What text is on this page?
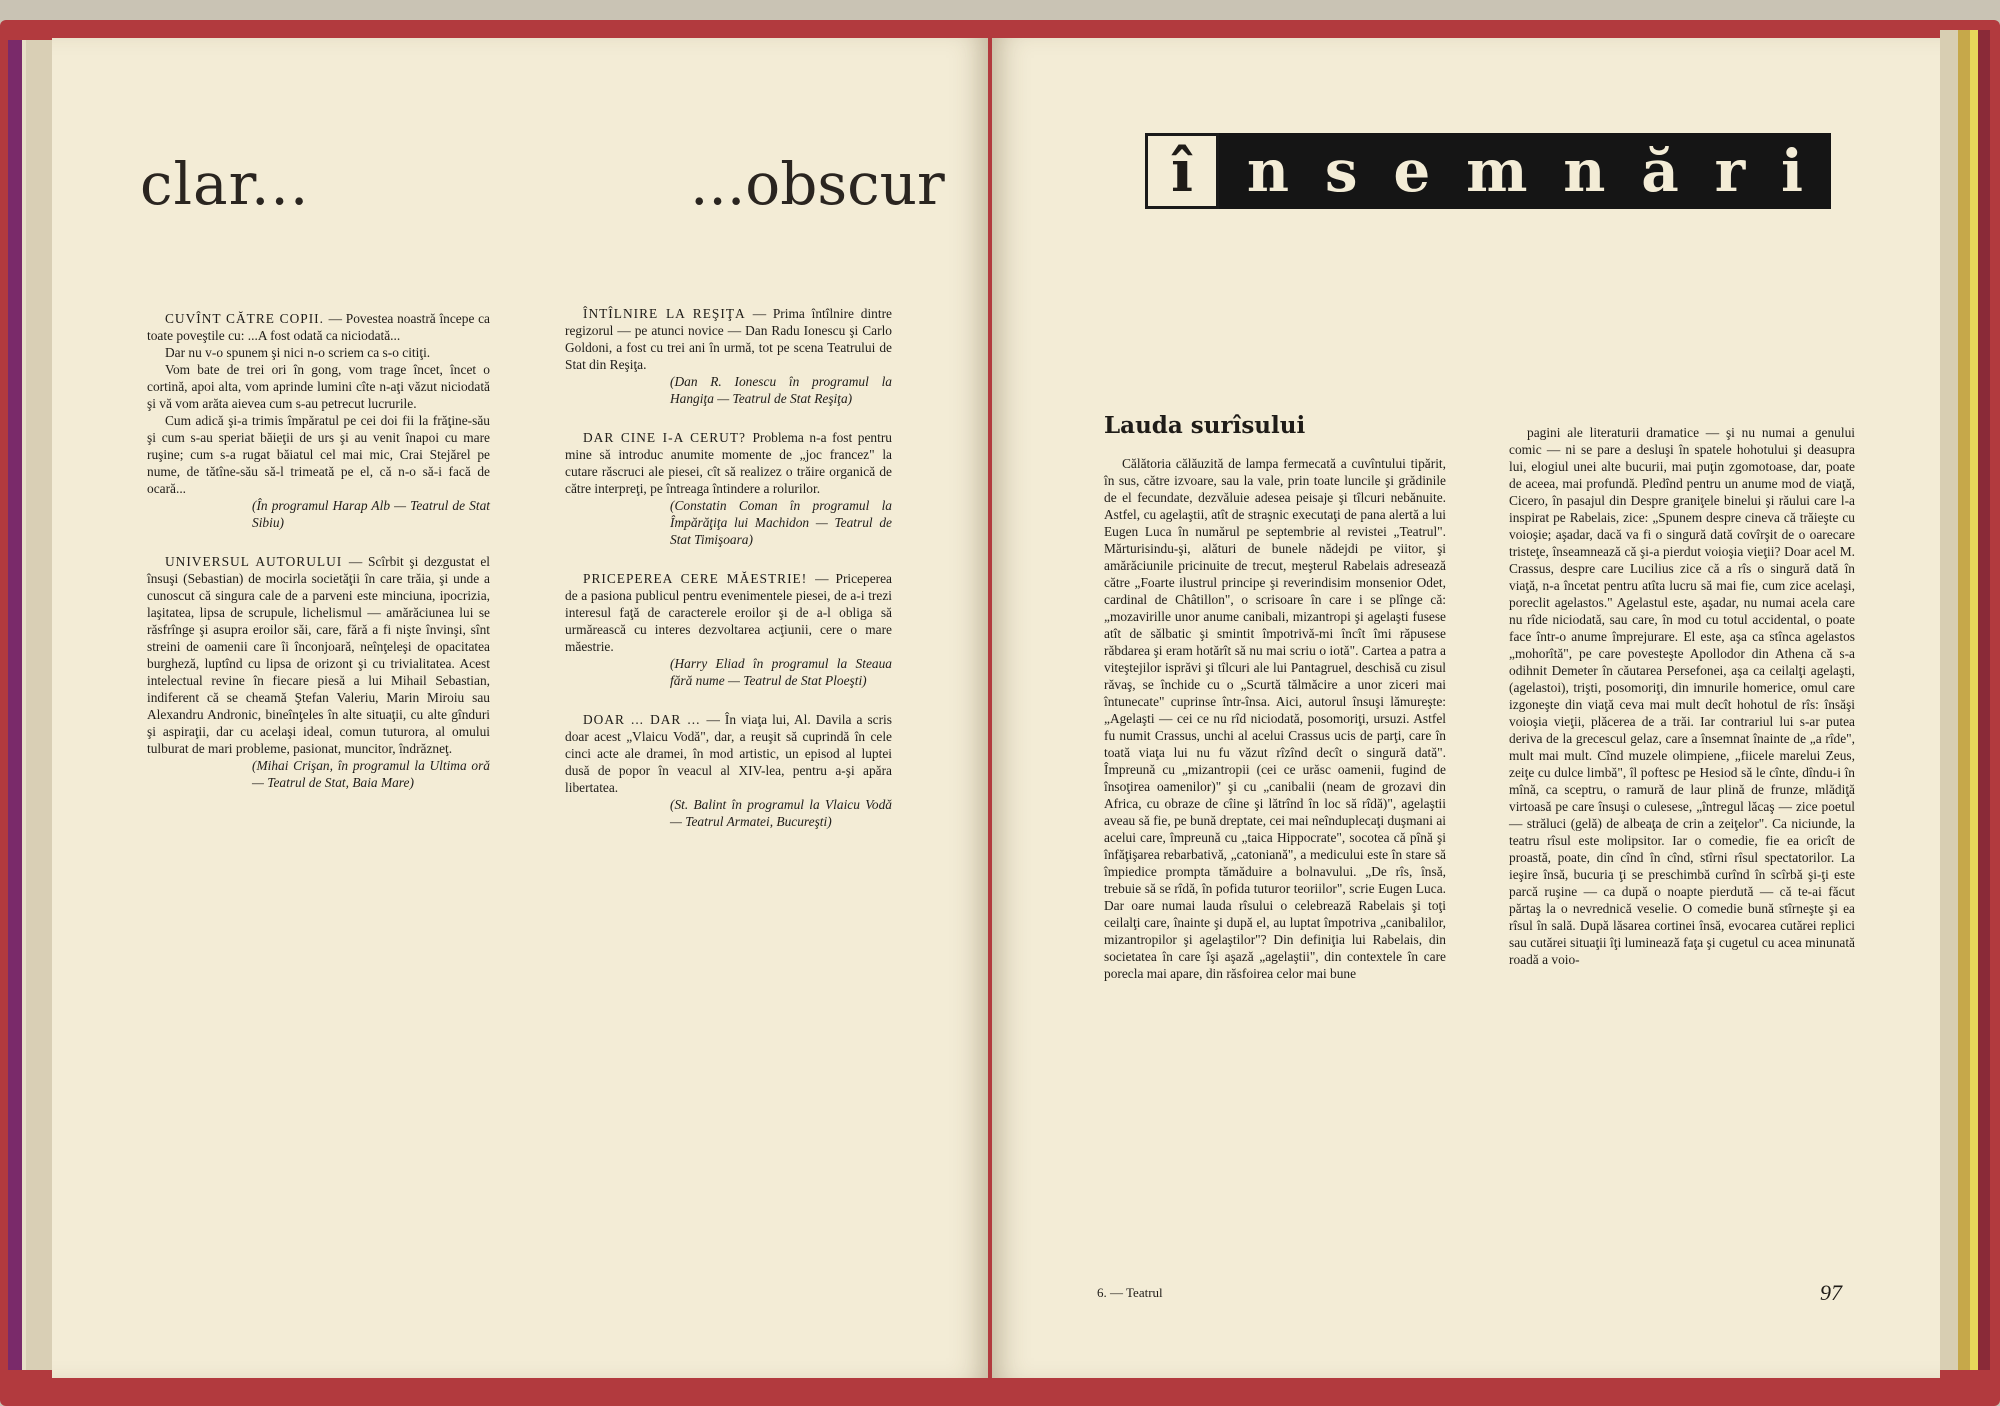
clar...	...obscur

CUVÎNT CĂTRE COPII. — Povestea noastră începe ca toate poveştile cu: ...A fost odată ca niciodată...

Dar nu v-o spunem şi nici n-o scriem ca s-o citiţi.

Vom bate de trei ori în gong, vom trage încet, încet o cortină, apoi alta, vom aprinde lumini cîte n-aţi văzut niciodată şi vă vom arăta aievea cum s-au petrecut lucrurile.

Cum adică şi-a trimis împăratul pe cei doi fii la frăţine-său şi cum s-au speriat băieţii de urs şi au venit înapoi cu mare ruşine; cum s-a rugat băiatul cel mai mic, Crai Stejărel pe nume, de tătîne-său să-l trimeată pe el, că n-o să-i facă de ocară...

(În programul Harap Alb — Teatrul de Stat Sibiu)

UNIVERSUL AUTORULUI — Scîrbit şi dezgustat el însuşi (Sebastian) de mocirla societăţii în care trăia, şi unde a cunoscut că singura cale de a parveni este minciuna, ipocrizia, laşitatea, lipsa de scrupule, lichelismul — amărăciunea lui se răsfrînge şi asupra eroilor săi, care, fără a fi nişte învinşi, sînt streini de oamenii care îi înconjoară, neînţeleşi de opacitatea burgheză, luptînd cu lipsa de orizont şi cu trivialitatea. Acest intelectual revine în fiecare piesă a lui Mihail Sebastian, indiferent că se cheamă Ştefan Valeriu, Marin Miroiu sau Alexandru Andronic, bineînţeles în alte situaţii, cu alte gînduri şi aspiraţii, dar cu acelaşi ideal, comun tuturora, al omului tulburat de mari probleme, pasionat, muncitor, îndrăzneţ.

(Mihai Crişan, în programul la Ultima oră — Teatrul de Stat, Baia Mare)

ÎNTÎLNIRE LA REŞIŢA — Prima întîlnire dintre regizorul — pe atunci novice — Dan Radu Ionescu şi Carlo Goldoni, a fost cu trei ani în urmă, tot pe scena Teatrului de Stat din Reşiţa.

(Dan R. Ionescu în programul la Hangiţa — Teatrul de Stat Reşiţa)

DAR CINE I-A CERUT? Problema n-a fost pentru mine să introduc anumite momente de „joc francez" la cutare răscruci ale piesei, cît să realizez o trăire organică de către interpreţi, pe întreaga întindere a rolurilor.

(Constatin Coman în programul la Împărăţiţa lui Machidon — Teatrul de Stat Timişoara)

PRICEPEREA CERE MĂESTRIE! — Priceperea de a pasiona publicul pentru evenimentele piesei, de a-i trezi interesul faţă de caracterele eroilor şi de a-l obliga să urmărească cu interes dezvoltarea acţiunii, cere o mare măestrie.

(Harry Eliad în programul la Steaua fără nume — Teatrul de Stat Ploeşti)

DOAR ... DAR ... — În viaţa lui, Al. Davila a scris doar acest „Vlaicu Vodă", dar, a reuşit să cuprindă în cele cinci acte ale dramei, în mod artistic, un episod al luptei dusă de popor în veacul al XIV-lea, pentru a-şi apăra libertatea.

(St. Balint în programul la Vlaicu Vodă — Teatrul Armatei, Bucureşti)

î n s e m n ă r i
Lauda surîsului

Călătoria călăuzită de lampa fermecată a cuvîntului tipărit, în sus, către izvoare, sau la vale, prin toate luncile şi grădinile de el fecundate, dezvăluie adesea peisaje şi tîlcuri nebănuite. Astfel, cu agelaştii, atît de straşnic executaţi de pana alertă a lui Eugen Luca în numărul pe septembrie al revistei „Teatrul". Mărturisindu-şi, alături de bunele nădejdi pe viitor, şi amărăciunile pricinuite de trecut, meşterul Rabelais adresează către „Foarte ilustrul principe şi reverindisim monsenior Odet, cardinal de Châtillon", o scrisoare în care i se plînge că: „mozavirille unor anume canibali, mizantropi şi agelaşti fusese atît de sălbatic şi smintit împotrivă-mi încît îmi răpusese răbdarea şi eram hotărît să nu mai scriu o iotă". Cartea a patra a viteştejilor isprăvi şi tîlcuri ale lui Pantagruel, deschisă cu zisul răvaş, se închide cu o „Scurtă tălmăcire a unor ziceri mai întunecate" cuprinse într-însa. Aici, autorul însuşi lămureşte: „Agelaşti — cei ce nu rîd niciodată, posomoriţi, ursuzi. Astfel fu numit Crassus, unchi al acelui Crassus ucis de parţi, care în toată viaţa lui nu fu văzut rîzînd decît o singură dată". Împreună cu „mizantropii (cei ce urăsc oamenii, fugind de însoţirea oamenilor)" şi cu „canibalii (neam de grozavi din Africa, cu obraze de cîine şi lătrînd în loc să rîdă)", agelaştii aveau să fie, pe bună dreptate, cei mai neînduplecaţi duşmani ai acelui care, împreună cu „taica Hippocrate", socotea că pînă şi înfăţişarea rebarbativă, „catoniană", a medicului este în stare să împiedice prompta tămăduire a bolnavului. „De rîs, însă, trebuie să se rîdă, în pofida tuturor teoriilor", scrie Eugen Luca. Dar oare numai lauda rîsului o celebrează Rabelais şi toţi ceilalţi care, înainte şi după el, au luptat împotriva „canibalilor, mizantropilor şi agelaştilor"? Din definiţia lui Rabelais, din societatea în care îşi aşază „agelaştii", din contextele în care porecla mai apare, din răsfoirea celor mai bune

pagini ale literaturii dramatice — şi nu numai a genului comic — ni se pare a desluşi în spatele hohotului şi deasupra lui, elogiul unei alte bucurii, mai puţin zgomotoase, dar, poate de aceea, mai profundă. Pledînd pentru un anume mod de viaţă, Cicero, în pasajul din Despre graniţele binelui şi răului care l-a inspirat pe Rabelais, zice: „Spunem despre cineva că trăieşte cu voioşie; aşadar, dacă va fi o singură dată covîrşit de o oarecare tristeţe, înseamnează că şi-a pierdut voioşia vieţii? Doar acel M. Crassus, despre care Lucilius zice că a rîs o singură dată în viaţă, n-a încetat pentru atîta lucru să mai fie, cum zice acelaşi, poreclit agelastos." Agelastul este, aşadar, nu numai acela care nu rîde niciodată, sau care, în mod cu totul accidental, o poate face într-o anume împrejurare. El este, aşa ca stînca agelastos „mohorîtă", pe care povesteşte Apollodor din Athena că s-a odihnit Demeter în căutarea Persefonei, aşa ca ceilalţi agelaşti, (agelastoi), trişti, posomoriţi, din imnurile homerice, omul care izgoneşte din viaţă ceva mai mult decît hohotul de rîs: însăşi voioşia vieţii, plăcerea de a trăi. Iar contrariul lui s-ar putea deriva de la grecescul gelaz, care a însemnat înainte de „a rîde", mult mai mult. Cînd muzele olimpiene, „fiicele marelui Zeus, zeiţe cu dulce limbă", îl poftesc pe Hesiod să le cînte, dîndu-i în mînă, ca sceptru, o ramură de laur plină de frunze, mlădiţă virtoasă pe care însuşi o culesese, „întregul lăcaş — zice poetul — străluci (gelă) de albeaţa de crin a zeiţelor". Ca niciunde, la teatru rîsul este molipsitor. Iar o comedie, fie ea oricît de proastă, poate, din cînd în cînd, stîrni rîsul spectatorilor. La ieşire însă, bucuria ţi se preschimbă curînd în scîrbă şi-ţi este parcă ruşine — ca după o noapte pierdută — că te-ai făcut părtaş la o nevrednică veselie. O comedie bună stîrneşte şi ea rîsul în sală. După lăsarea cortinei însă, evocarea cutărei replici sau cutărei situaţii îţi luminează faţa şi cugetul cu acea minunată roadă a voio-

6. — Teatrul	97
